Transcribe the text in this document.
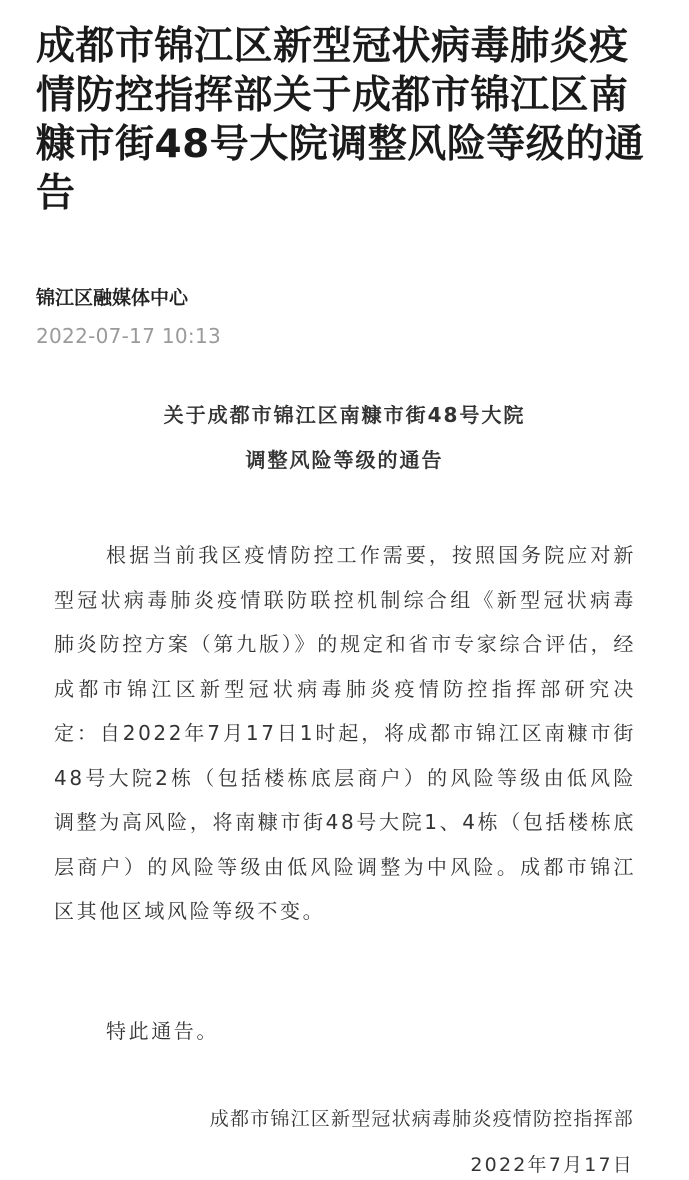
成都市锦江区新型冠状病毒肺炎疫情防控指挥部关于成都市锦江区南糠市街48号大院调整风险等级的通告

锦江区融媒体中心

2022-07-17 10:13

关于成都市锦江区南糠市街48号大院

调整风险等级的通告

根据当前我区疫情防控工作需要，按照国务院应对新型冠状病毒肺炎疫情联防联控机制综合组《新型冠状病毒肺炎防控方案（第九版）》的规定和省市专家综合评估，经成都市锦江区新型冠状病毒肺炎疫情防控指挥部研究决定：自2022年7月17日1时起，将成都市锦江区南糠市街48号大院2栋（包括楼栋底层商户）的风险等级由低风险调整为高风险，将南糠市街48号大院1、4栋（包括楼栋底层商户）的风险等级由低风险调整为中风险。成都市锦江区其他区域风险等级不变。

特此通告。

成都市锦江区新型冠状病毒肺炎疫情防控指挥部

2022年7月17日
